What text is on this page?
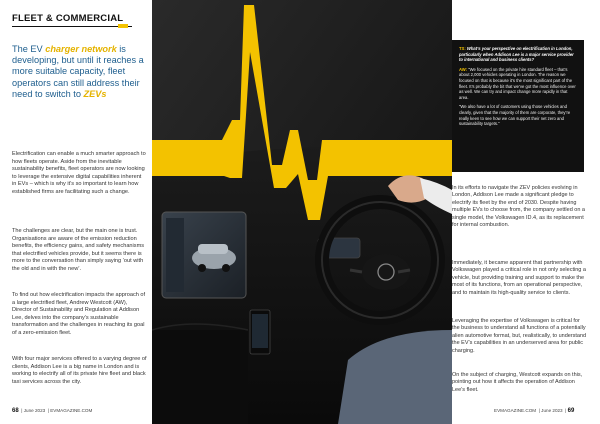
FLEET & COMMERCIAL
The EV charger network is developing, but until it reaches a more suitable capacity, fleet operators can still address their need to switch to ZEVs

Electrification can enable a much smarter approach to how fleets operate. Aside from the inevitable sustainability benefits, fleet operators are now looking to leverage the extensive digital capabilities inherent in EVs – which is why it’s so important to learn how established firms are facilitating such a change.

The challenges are clear, but the main one is trust. Organisations are aware of the emission reduction benefits, the efficiency gains, and safety mechanisms that electrified vehicles provide, but it seems there is more to the conversation than simply saying ‘out with the old and in with the new’.

To find out how electrification impacts the approach of a large electrified fleet, Andrew Westcott (AW), Director of Sustainability and Regulation at Addison Lee, delves into the company’s sustainable transformation and the challenges in reaching its goal of a zero-emission fleet.

With four major services offered to a varying degree of clients, Addison Lee is a big name in London and is working to electrify all of its private hire fleet and black taxi services across the city.

68  | June 2023  | EVMAGAZINE.COM

TS: What’s your perspective on electrification in London, particularly when Addison Lee is a major service provider to international and business clients?

AW: “We focused on the private hire standard fleet – that’s about 2,000 vehicles operating in London. The reason we focused on that is because it’s the most significant part of the fleet. It’s probably the bit that we’ve got the most influence over as well. We can try and impact change more rapidly in that area.

“We also have a lot of customers using those vehicles and clearly, given that the majority of them are corporate, they’re really keen to see how we can support their net zero and sustainability targets.”

In its efforts to navigate the ZEV policies evolving in London, Addison Lee made a significant pledge to electrify its fleet by the end of 2030. Despite having multiple EVs to choose from, the company settled on a single model, the Volkswagen ID.4, as its replacement for internal combustion.

Immediately, it became apparent that partnership with Volkswagen played a critical role in not only selecting a vehicle, but providing training and support to make the most of its functions, from an operational perspective, and to maintain its high-quality service to clients.

Leveraging the expertise of Volkswagen is critical for the business to understand all functions of a potentially alien automotive format, but, realistically, to understand the EV’s capabilities in an underserved area for public charging.

On the subject of charging, Westcott expands on this, pointing out how it affects the operation of Addison Lee’s fleet.

EVMAGAZINE.COM  | June 2023  | 69
